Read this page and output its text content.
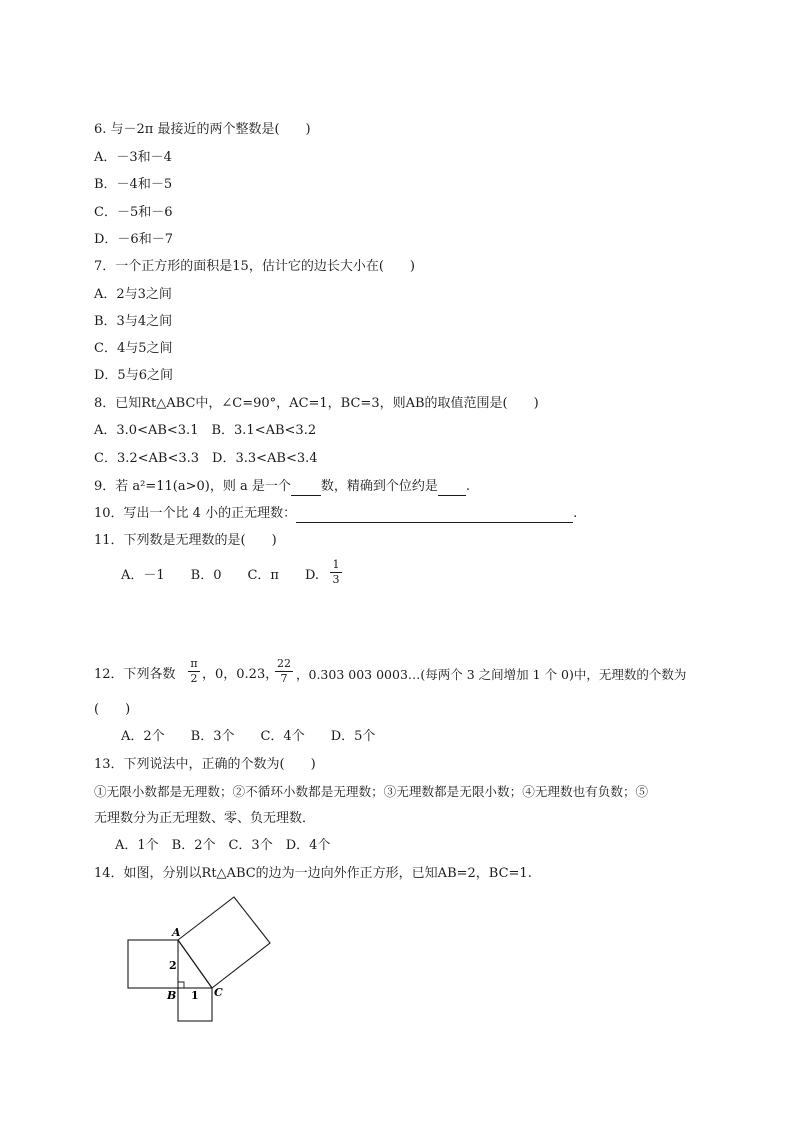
6. 与－2π 最接近的两个整数是(　　)
A．－3和－4
B．－4和－5
C．－5和－6
D．－6和－7
7．一个正方形的面积是15，估计它的边长大小在(　　)
A．2与3之间
B．3与4之间
C．4与5之间
D．5与6之间
8．已知Rt△ABC中，∠C=90°，AC=1，BC=3，则AB的取值范围是(　　)
A．3.0<AB<3.1　B．3.1<AB<3.2
C．3.2<AB<3.3　D．3.3<AB<3.4
9．若 a²=11(a>0)，则 a 是一个 数，精确到个位约是 .
10．写出一个比 4 小的正无理数：	.
11．下列数是无理数的是(　　)
A．－1　　B．0　　C．π　　D.
1
3
12．下列各数
π
2 ，0，0.23，
22
7 ，0.303 003 0003…(每两个 3 之间增加 1 个 0)中，无理数的个数为
(　　)
A．2个　　B．3个　　C．4个　　D．5个
13．下列说法中，正确的个数为(　　)
①无限小数都是无理数；②不循环小数都是无理数；③无理数都是无限小数；④无理数也有负数；⑤
无理数分为正无理数、零、负无理数．
A．1个　B．2个　C．3个　D．4个
14．如图，分别以Rt△ABC的边为一边向外作正方形，已知AB=2，BC=1.
A
B	C
2
1
